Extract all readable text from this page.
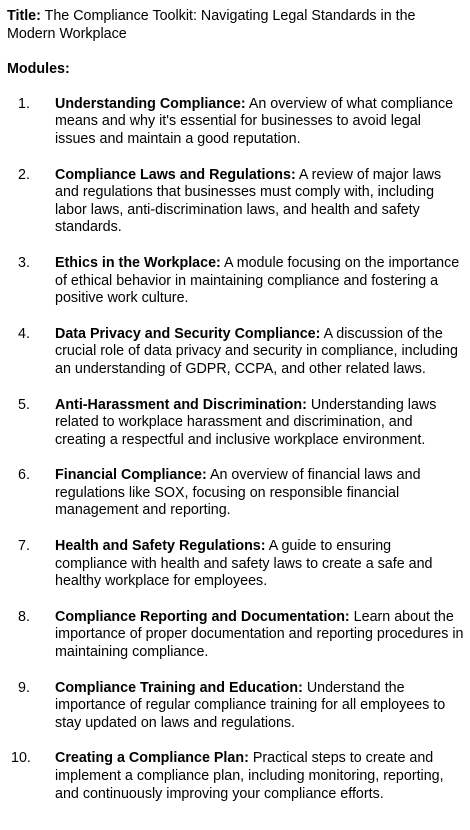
Title: The Compliance Toolkit: Navigating Legal Standards in the Modern Workplace

Modules:

1. Understanding Compliance: An overview of what compliance means and why it's essential for businesses to avoid legal issues and maintain a good reputation.
2. Compliance Laws and Regulations: A review of major laws and regulations that businesses must comply with, including labor laws, anti-discrimination laws, and health and safety standards.
3. Ethics in the Workplace: A module focusing on the importance of ethical behavior in maintaining compliance and fostering a positive work culture.
4. Data Privacy and Security Compliance: A discussion of the crucial role of data privacy and security in compliance, including an understanding of GDPR, CCPA, and other related laws.
5. Anti-Harassment and Discrimination: Understanding laws related to workplace harassment and discrimination, and creating a respectful and inclusive workplace environment.
6. Financial Compliance: An overview of financial laws and regulations like SOX, focusing on responsible financial management and reporting.
7. Health and Safety Regulations: A guide to ensuring compliance with health and safety laws to create a safe and healthy workplace for employees.
8. Compliance Reporting and Documentation: Learn about the importance of proper documentation and reporting procedures in maintaining compliance.
9. Compliance Training and Education: Understand the importance of regular compliance training for all employees to stay updated on laws and regulations.
10. Creating a Compliance Plan: Practical steps to create and implement a compliance plan, including monitoring, reporting, and continuously improving your compliance efforts.
